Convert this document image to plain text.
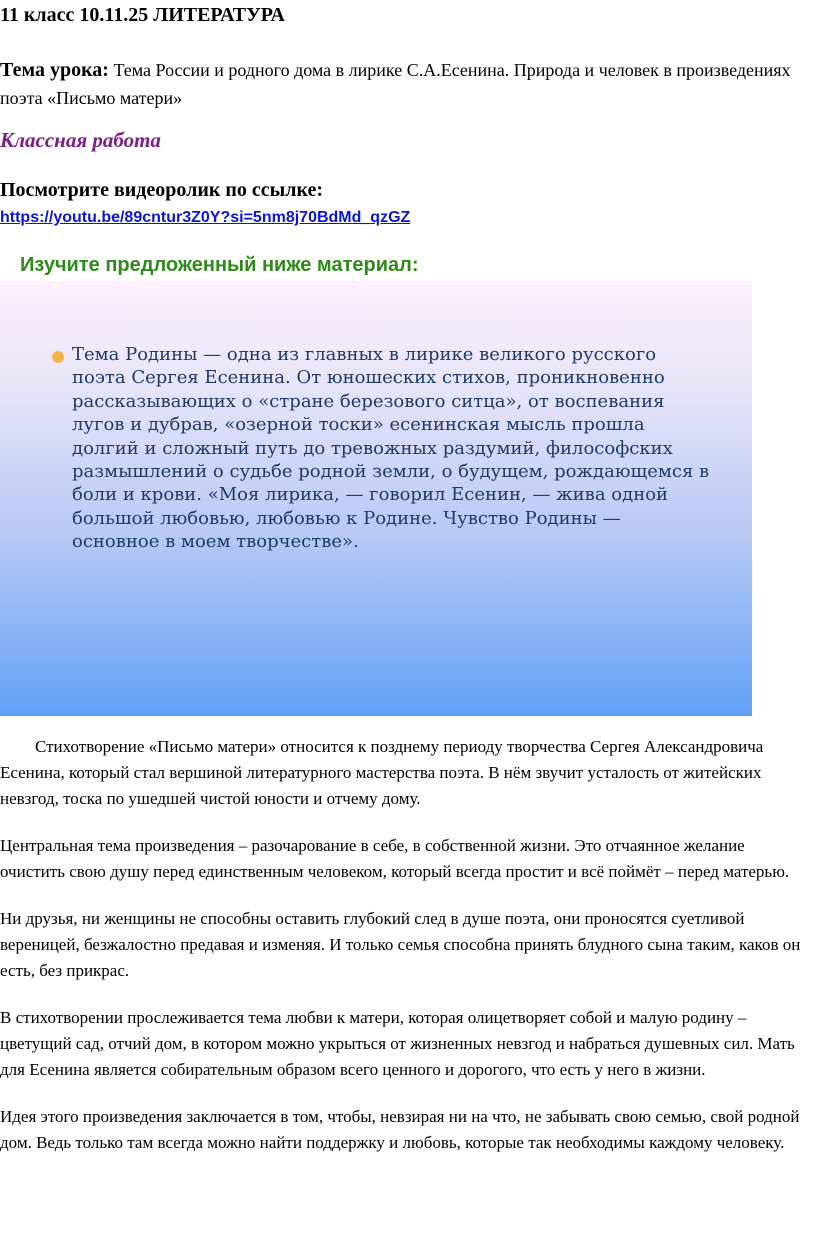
11 класс 10.11.25 ЛИТЕРАТУРА
Тема урока: Тема России и родного дома в лирике С.А.Есенина. Природа и человек в произведениях поэта «Письмо матери»
Классная работа
Посмотрите видеоролик по ссылке:
https://youtu.be/89cntur3Z0Y?si=5nm8j70BdMd_qzGZ
Изучите предложенный ниже материал:
Тема Родины — одна из главных в лирике великого русского поэта Сергея Есенина. От юношеских стихов, проникновенно рассказывающих о «стране березового ситца», от воспевания лугов и дубрав, «озерной тоски» есенинская мысль прошла долгий и сложный путь до тревожных раздумий, философских размышлений о судьбе родной земли, о будущем, рождающемся в боли и крови. «Моя лирика, — говорил Есенин, — жива одной большой любовью, любовью к Родине. Чувство Родины — основное в моем творчестве».

Стихотворение «Письмо матери» относится к позднему периоду творчества Сергея Александровича Есенина, который стал вершиной литературного мастерства поэта. В нём звучит усталость от житейских невзгод, тоска по ушедшей чистой юности и отчему дому.

Центральная тема произведения – разочарование в себе, в собственной жизни. Это отчаянное желание очистить свою душу перед единственным человеком, который всегда простит и всё поймёт – перед матерью.

Ни друзья, ни женщины не способны оставить глубокий след в душе поэта, они проносятся суетливой вереницей, безжалостно предавая и изменяя. И только семья способна принять блудного сына таким, каков он есть, без прикрас.

В стихотворении прослеживается тема любви к матери, которая олицетворяет собой и малую родину – цветущий сад, отчий дом, в котором можно укрыться от жизненных невзгод и набраться душевных сил. Мать для Есенина является собирательным образом всего ценного и дорогого, что есть у него в жизни.

Идея этого произведения заключается в том, чтобы, невзирая ни на что, не забывать свою семью, свой родной дом. Ведь только там всегда можно найти поддержку и любовь, которые так необходимы каждому человеку.
